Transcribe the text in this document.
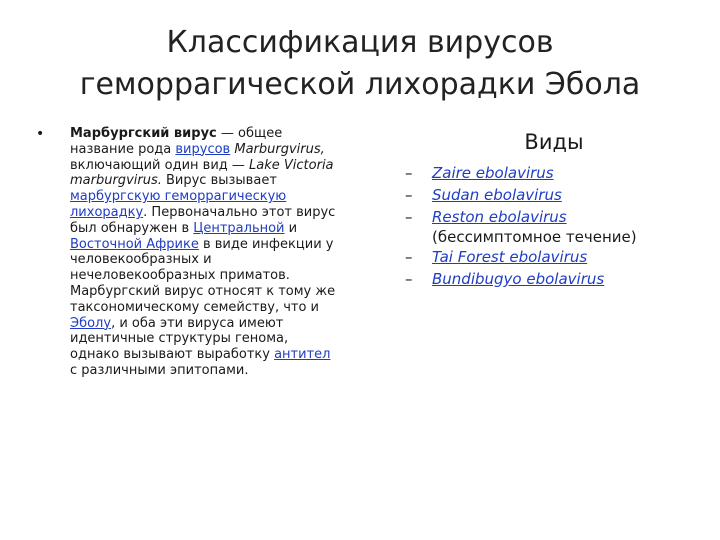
Классификация вирусов
геморрагической лихорадки Эбола
• Марбургский вирус — общее название рода вирусов Marburgvirus, включающий один вид — Lake Victoria marburgvirus. Вирус вызывает марбургскую геморрагическую лихорадку. Первоначально этот вирус был обнаружен в Центральной и Восточной Африке в виде инфекции у человекообразных и нечеловекообразных приматов. Марбургский вирус относят к тому же таксономическому семейству, что и Эболу, и оба эти вируса имеют идентичные структуры генома, однако вызывают выработку антител с различными эпитопами.
Виды
– Zaire ebolavirus
– Sudan ebolavirus
– Reston ebolavirus
(бессимптомное течение)
– Tai Forest ebolavirus
– Bundibugyo ebolavirus
